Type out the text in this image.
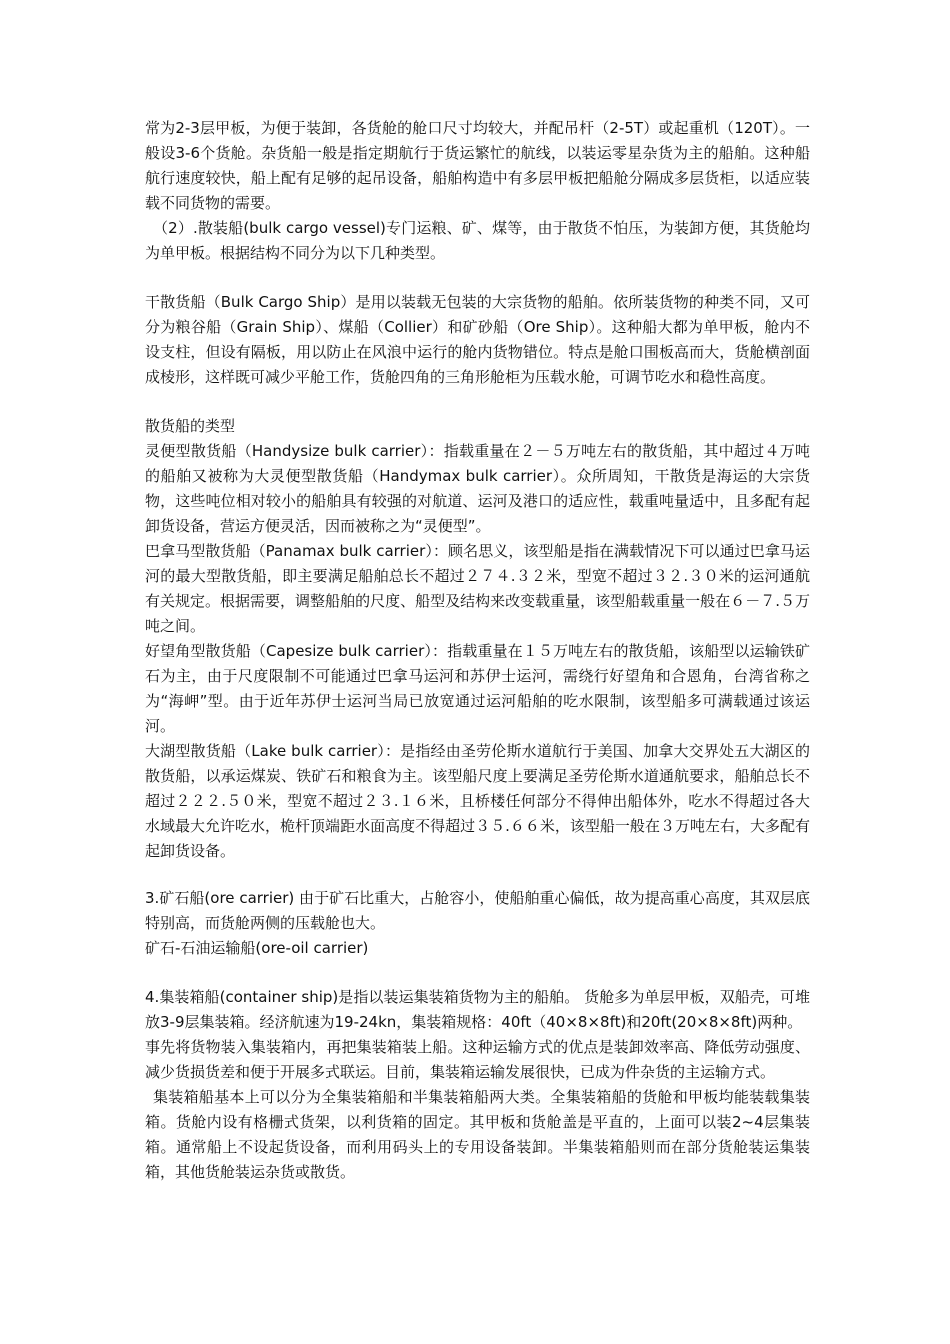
常为2-3层甲板，为便于装卸，各货舱的舱口尺寸均较大，并配吊杆（2-5T）或起重机（120T）。一般设3-6个货舱。杂货船一般是指定期航行于货运繁忙的航线，以装运零星杂货为主的船舶。这种船航行速度较快，船上配有足够的起吊设备，船舶构造中有多层甲板把船舱分隔成多层货柜，以适应装载不同货物的需要。

（2）.散装船(bulk cargo vessel)专门运粮、矿、煤等，由于散货不怕压，为装卸方便，其货舱均为单甲板。根据结构不同分为以下几种类型。

干散货船（Bulk Cargo Ship）是用以装载无包装的大宗货物的船舶。依所装货物的种类不同，又可分为粮谷船（Grain Ship）、煤船（Collier）和矿砂船（Ore Ship）。这种船大都为单甲板，舱内不设支柱，但设有隔板，用以防止在风浪中运行的舱内货物错位。特点是舱口围板高而大，货舱横剖面成棱形，这样既可减少平舱工作，货舱四角的三角形舱柜为压载水舱，可调节吃水和稳性高度。

散货船的类型

灵便型散货船（Handysize bulk carrier）：指载重量在２－５万吨左右的散货船，其中超过４万吨的船舶又被称为大灵便型散货船（Handymax bulk carrier）。众所周知，干散货是海运的大宗货物，这些吨位相对较小的船舶具有较强的对航道、运河及港口的适应性，载重吨量适中，且多配有起卸货设备，营运方便灵活，因而被称之为“灵便型”。

巴拿马型散货船（Panamax bulk carrier）：顾名思义，该型船是指在满载情况下可以通过巴拿马运河的最大型散货船，即主要满足船舶总长不超过２７４.３２米，型宽不超过３２.３０米的运河通航有关规定。根据需要，调整船舶的尺度、船型及结构来改变载重量，该型船载重量一般在６－７.５万吨之间。

好望角型散货船（Capesize bulk carrier）：指载重量在１５万吨左右的散货船，该船型以运输铁矿石为主，由于尺度限制不可能通过巴拿马运河和苏伊士运河，需绕行好望角和合恩角，台湾省称之为“海岬”型。由于近年苏伊士运河当局已放宽通过运河船舶的吃水限制，该型船多可满载通过该运河。

大湖型散货船（Lake bulk carrier）：是指经由圣劳伦斯水道航行于美国、加拿大交界处五大湖区的散货船，以承运煤炭、铁矿石和粮食为主。该型船尺度上要满足圣劳伦斯水道通航要求，船舶总长不超过２２２.５０米，型宽不超过２３.１６米，且桥楼任何部分不得伸出船体外，吃水不得超过各大水域最大允许吃水，桅杆顶端距水面高度不得超过３５.６６米，该型船一般在３万吨左右，大多配有起卸货设备。

3.矿石船(ore carrier) 由于矿石比重大，占舱容小，使船舶重心偏低，故为提高重心高度，其双层底特别高，而货舱两侧的压载舱也大。

矿石-石油运输船(ore-oil carrier)

4.集装箱船(container ship)是指以装运集装箱货物为主的船舶。 货舱多为单层甲板，双船壳，可堆放3-9层集装箱。经济航速为19-24kn，集装箱规格：40ft（40×8×8ft)和20ft(20×8×8ft)两种。

事先将货物装入集装箱内，再把集装箱装上船。这种运输方式的优点是装卸效率高、降低劳动强度、减少货损货差和便于开展多式联运。目前，集装箱运输发展很快，已成为件杂货的主运输方式。

集装箱船基本上可以分为全集装箱船和半集装箱船两大类。全集装箱船的货舱和甲板均能装载集装箱。货舱内设有格栅式货架，以利货箱的固定。其甲板和货舱盖是平直的，上面可以装2~4层集装箱。通常船上不设起货设备，而利用码头上的专用设备装卸。半集装箱船则而在部分货舱装运集装箱，其他货舱装运杂货或散货。
